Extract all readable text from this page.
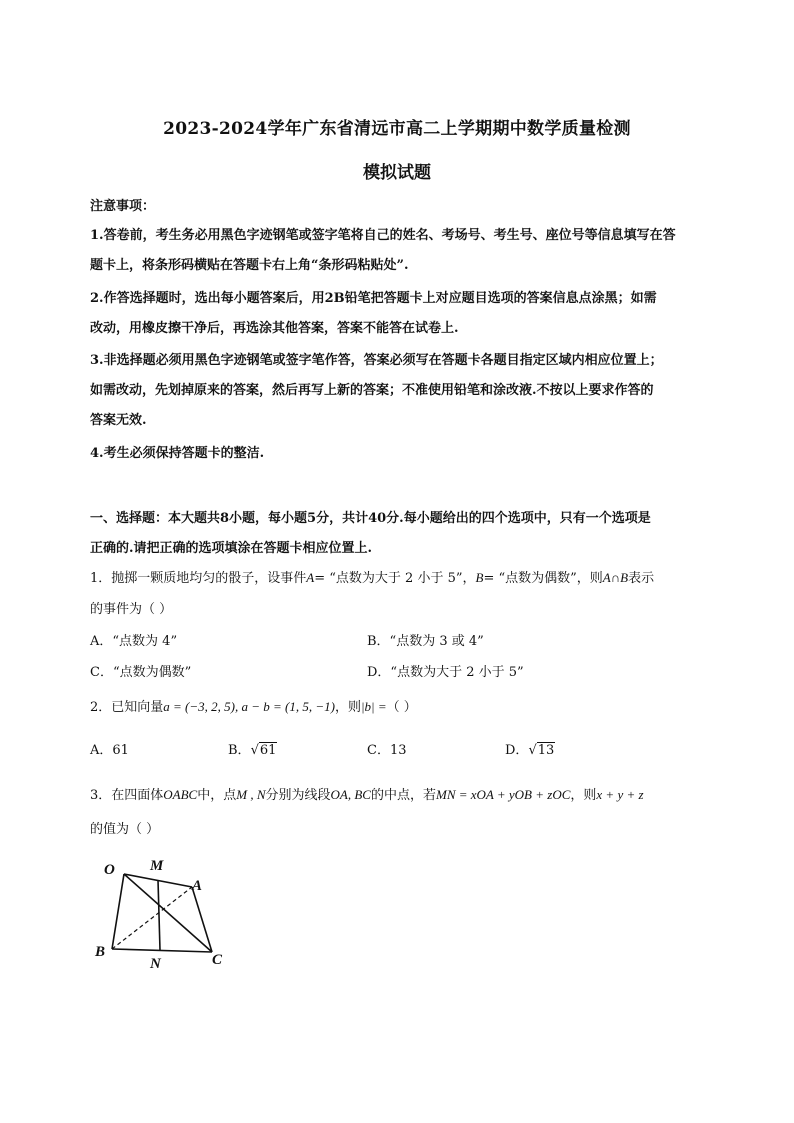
2023-2024学年广东省清远市高二上学期期中数学质量检测
模拟试题
注意事项：
1.答卷前，考生务必用黑色字迹钢笔或签字笔将自己的姓名、考场号、考生号、座位号等信息填写在答
题卡上，将条形码横贴在答题卡右上角“条形码粘贴处”.
2.作答选择题时，选出每小题答案后，用2B铅笔把答题卡上对应题目选项的答案信息点涂黑；如需
改动，用橡皮擦干净后，再选涂其他答案，答案不能答在试卷上.
3.非选择题必须用黑色字迹钢笔或签字笔作答，答案必须写在答题卡各题目指定区域内相应位置上；
如需改动，先划掉原来的答案，然后再写上新的答案；不准使用铅笔和涂改液.不按以上要求作答的
答案无效.
4.考生必须保持答题卡的整洁.
一、选择题：本大题共8小题，每小题5分，共计40分.每小题给出的四个选项中，只有一个选项是
正确的.请把正确的选项填涂在答题卡相应位置上.
1．抛掷一颗质地均匀的骰子，设事件A= “点数为大于 2 小于 5”，B= “点数为偶数”，则A∩B表示
的事件为（ ）
A．“点数为 4”	B．“点数为 3 或 4”
C．“点数为偶数”	D．“点数为大于 2 小于 5”
2．已知向量a = (−3, 2, 5), a − b = (1, 5, −1)，则|b| =（ ）
A．61	B．√61	C．13	D．√13
3．在四面体OABC中，点M , N分别为线段OA, BC的中点，若MN = xOA + yOB + zOC，则x + y + z
的值为（ ）
O M
A
B
N	C
